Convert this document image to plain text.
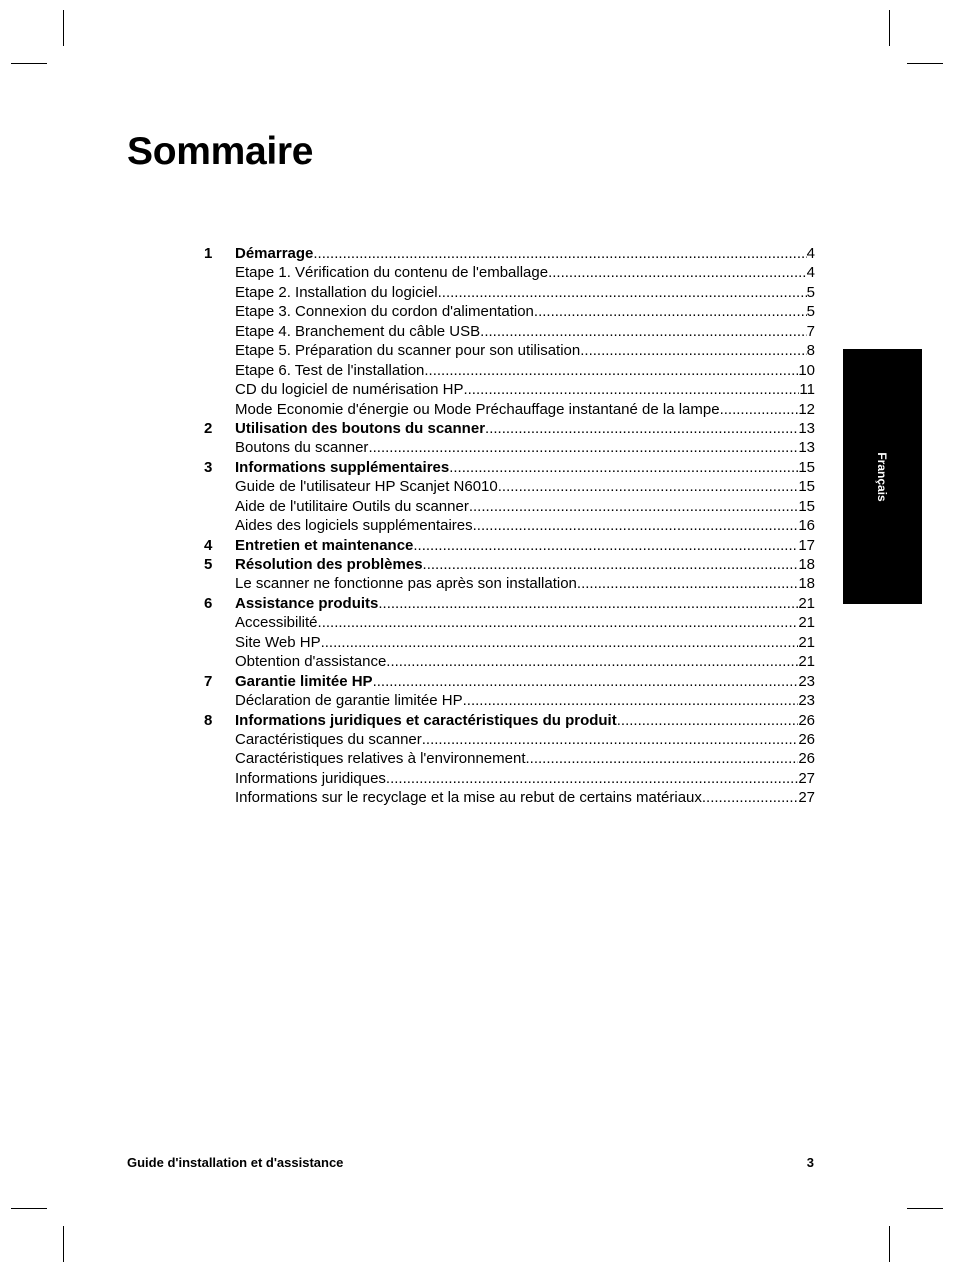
Sommaire
1	Démarrage .....	4
Etape 1. Vérification du contenu de l'emballage .....	4
Etape 2. Installation du logiciel .....	5
Etape 3. Connexion du cordon d'alimentation .....	5
Etape 4. Branchement du câble USB .....	7
Etape 5. Préparation du scanner pour son utilisation .....	8
Etape 6. Test de l'installation .....	10
CD du logiciel de numérisation HP .....	11
Mode Economie d'énergie ou Mode Préchauffage instantané de la lampe .....	12
2	Utilisation des boutons du scanner .....	13
Boutons du scanner .....	13
3	Informations supplémentaires .....	15
Guide de l'utilisateur HP Scanjet N6010 .....	15
Aide de l'utilitaire Outils du scanner .....	15
Aides des logiciels supplémentaires .....	16
4	Entretien et maintenance .....	17
5	Résolution des problèmes .....	18
Le scanner ne fonctionne pas après son installation .....	18
6	Assistance produits .....	21
Accessibilité .....	21
Site Web HP .....	21
Obtention d'assistance .....	21
7	Garantie limitée HP .....	23
Déclaration de garantie limitée HP .....	23
8	Informations juridiques et caractéristiques du produit .....	26
Caractéristiques du scanner .....	26
Caractéristiques relatives à l'environnement .....	26
Informations juridiques .....	27
Informations sur le recyclage et la mise au rebut de certains matériaux .....	27
Français
Guide d'installation et d'assistance	3
